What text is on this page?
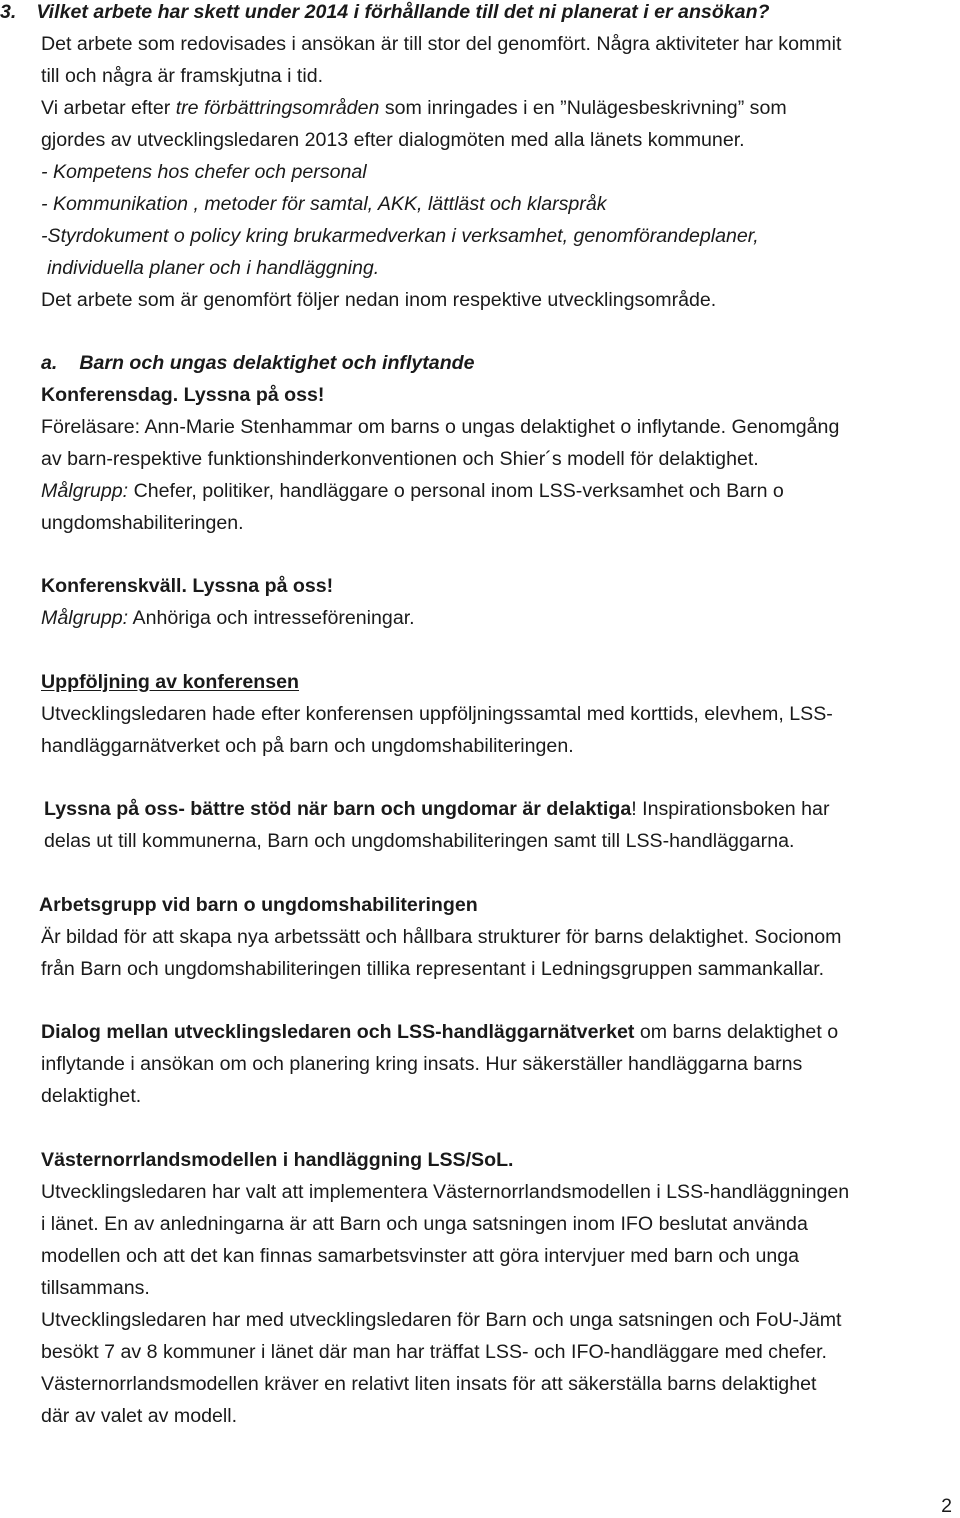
3. Vilket arbete har skett under 2014 i förhållande till det ni planerat i er ansökan?
Det arbete som redovisades i ansökan är till stor del genomfört. Några aktiviteter har kommit
till och några är framskjutna i tid.
Vi arbetar efter tre förbättringsområden som inringades i en ”Nulägesbeskrivning” som
gjordes av utvecklingsledaren 2013 efter dialogmöten med alla länets kommuner.
- Kompetens hos chefer och personal
- Kommunikation , metoder för samtal, AKK, lättläst och klarspråk
-Styrdokument o policy kring brukarmedverkan i verksamhet, genomförandeplaner,
individuella planer och i handläggning.
Det arbete som är genomfört följer nedan inom respektive utvecklingsområde.
a. Barn och ungas delaktighet och inflytande
Konferensdag. Lyssna på oss!
Föreläsare: Ann-Marie Stenhammar om barns o ungas delaktighet o inflytande. Genomgång
av barn-respektive funktionshinderkonventionen och Shier´s modell för delaktighet.
Målgrupp: Chefer, politiker, handläggare o personal inom LSS-verksamhet och Barn o
ungdomshabiliteringen.
Konferenskväll. Lyssna på oss!
Målgrupp: Anhöriga och intresseföreningar.
Uppföljning av konferensen
Utvecklingsledaren hade efter konferensen uppföljningssamtal med korttids, elevhem, LSS-
handläggarnätverket och på barn och ungdomshabiliteringen.
Lyssna på oss- bättre stöd när barn och ungdomar är delaktiga! Inspirationsboken har
delas ut till kommunerna, Barn och ungdomshabiliteringen samt till LSS-handläggarna.
Arbetsgrupp vid barn o ungdomshabiliteringen
Är bildad för att skapa nya arbetssätt och hållbara strukturer för barns delaktighet. Socionom
från Barn och ungdomshabiliteringen tillika representant i Ledningsgruppen sammankallar.
Dialog mellan utvecklingsledaren och LSS-handläggarnätverket om barns delaktighet o
inflytande i ansökan om och planering kring insats. Hur säkerställer handläggarna barns
delaktighet.
Västernorrlandsmodellen i handläggning LSS/SoL.
Utvecklingsledaren har valt att implementera Västernorrlandsmodellen i LSS-handläggningen
i länet. En av anledningarna är att Barn och unga satsningen inom IFO beslutat använda
modellen och att det kan finnas samarbetsvinster att göra intervjuer med barn och unga
tillsammans.
Utvecklingsledaren har med utvecklingsledaren för Barn och unga satsningen och FoU-Jämt
besökt 7 av 8 kommuner i länet där man har träffat LSS- och IFO-handläggare med chefer.
Västernorrlandsmodellen kräver en relativt liten insats för att säkerställa barns delaktighet
där av valet av modell.
2
